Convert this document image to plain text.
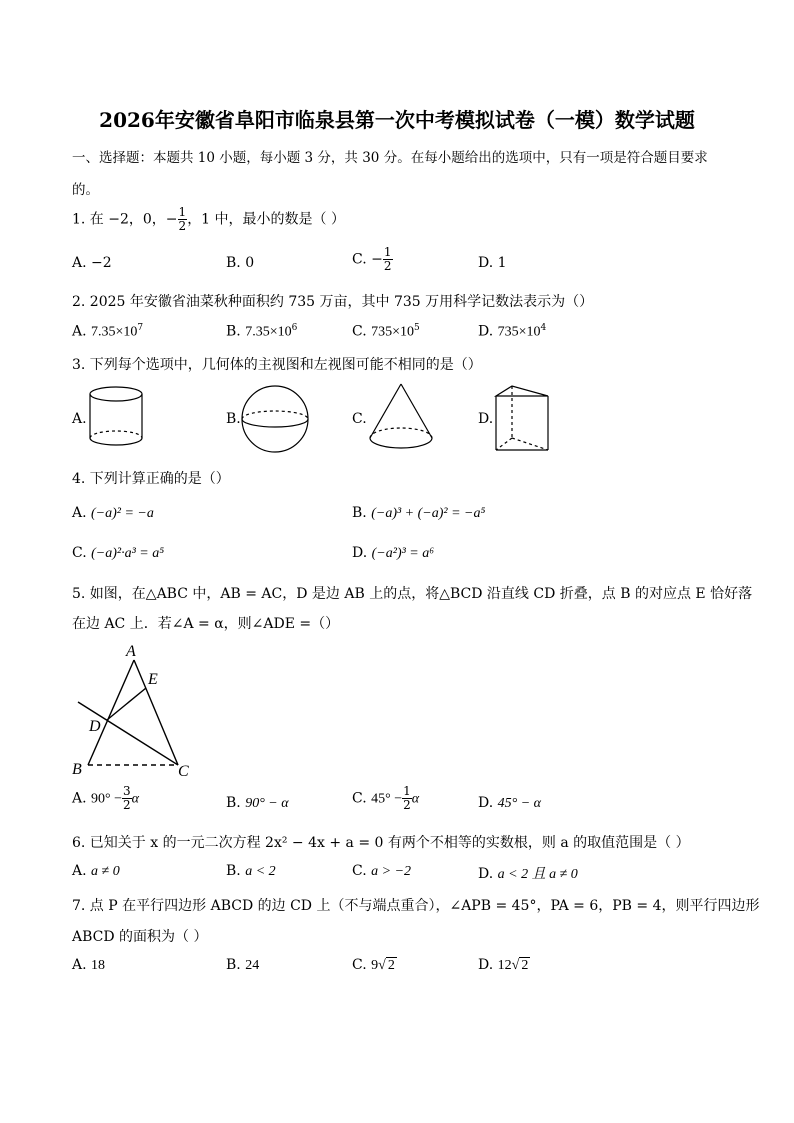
2026年安徽省阜阳市临泉县第一次中考模拟试卷（一模）数学试题
一、选择题：本题共 10 小题，每小题 3 分，共 30 分。在每小题给出的选项中，只有一项是符合题目要求
的。
1. 在 −2，0，− $\frac{1}{2}$ ，1 中，最小的数是（ ）
A. −2	B. 0	C. − $\frac{1}{2}$	D. 1
2. 2025 年安徽省油菜秋种面积约 735 万亩，其中 735 万用科学记数法表示为（）
A. $7.35\times 10^7$	B. $7.35\times 10^6$	C. $735\times 10^5$	D. $735\times 10^4$
3. 下列每个选项中，几何体的主视图和左视图可能不相同的是（）
A.	B.	C.	D.
4. 下列计算正确的是（）
A. (−a)² = −a	B. (−a)³ + (−a)² = −a⁵
C. (−a)²·a³ = a⁵	D. (−a²)³ = a⁶
5. 如图，在△ABC 中，AB = AC，D 是边 AB 上的点，将△BCD 沿直线 CD 折叠，点 B 的对应点 E 恰好落
在边 AC 上．若∠A = α，则∠ADE =（）
A
E
D
B	C
A. $90^\circ - \frac{3}{2}$ α	B. 90° − α	C. $45^\circ - \frac{1}{2}$ α	D. 45° − α
6. 已知关于 x 的一元二次方程 2x² − 4x + a = 0 有两个不相等的实数根，则 a 的取值范围是（ ）
A. a ≠ 0	B. a < 2	C. a > −2	D. a < 2 且 a ≠ 0
7. 点 P 在平行四边形 ABCD 的边 CD 上（不与端点重合），∠APB = 45°，PA = 6，PB = 4，则平行四边形
ABCD 的面积为（ ）
A. 18	B. 24	C. 9√ 2	D. 12√ 2
